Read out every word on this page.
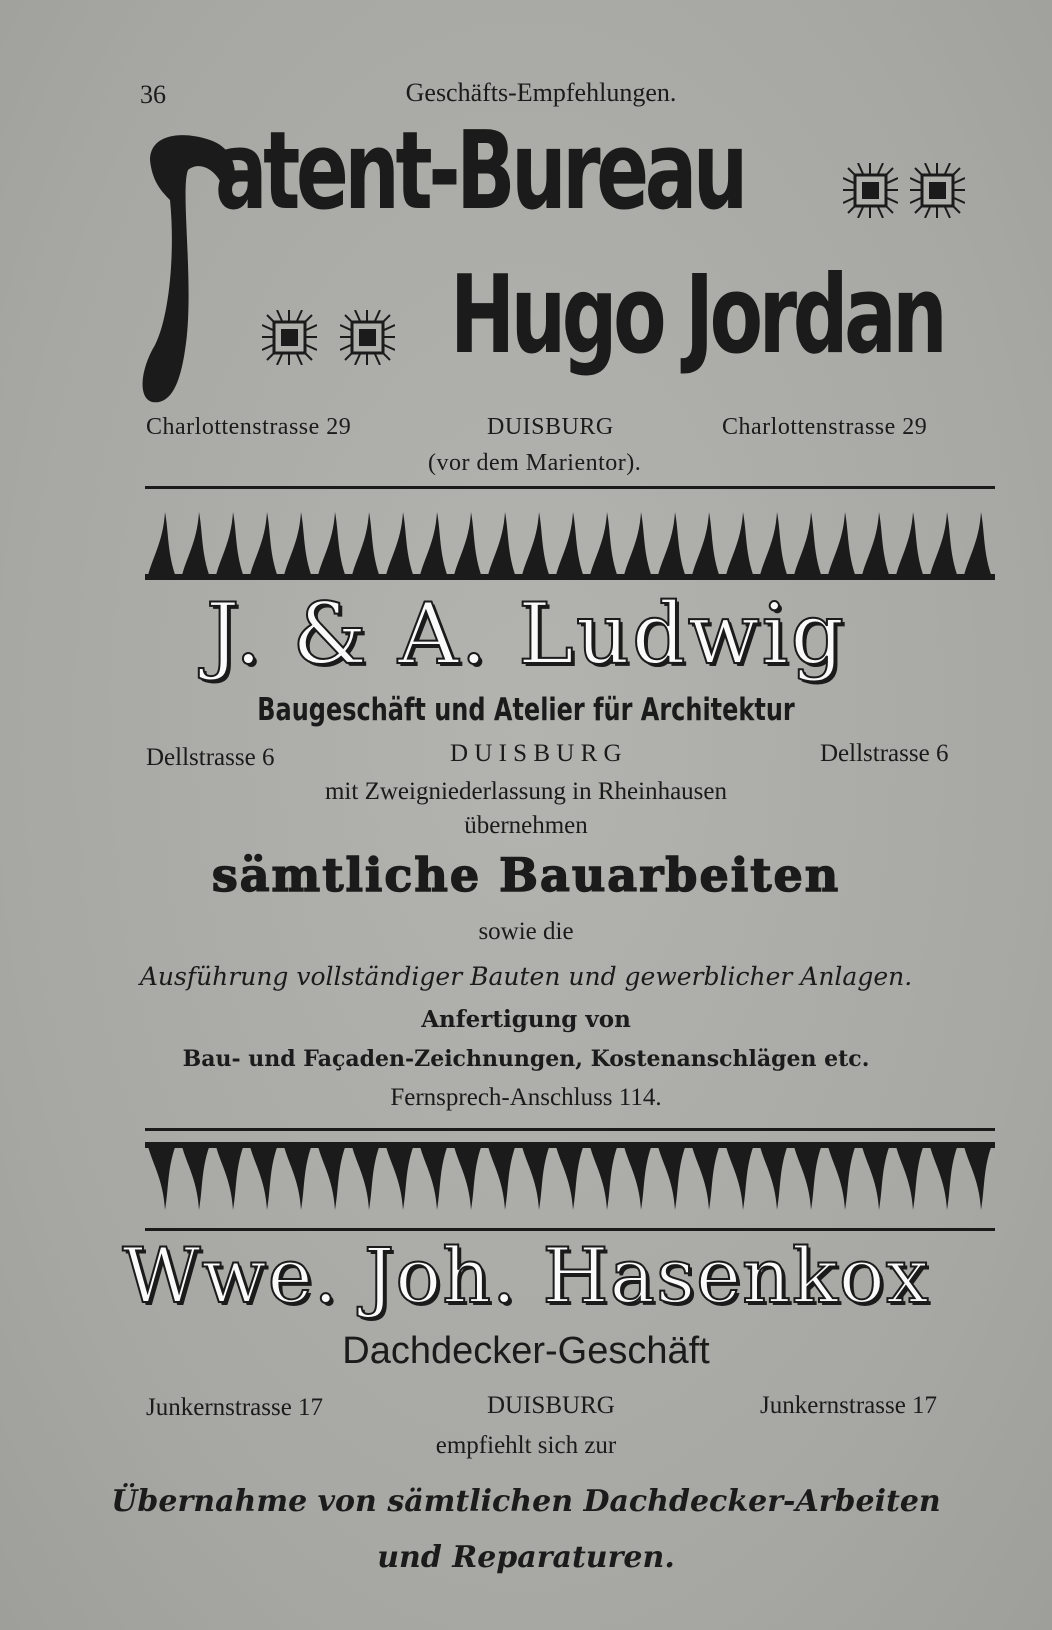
36	Geschäfts-Empfehlungen.
atent-Bureau
Hugo Jordan
Charlottenstrasse 29	DUISBURG	Charlottenstrasse 29
(vor dem Marientor).
J. & A. Ludwig
Baugeschäft und Atelier für Architektur
Dellstrasse 6	D U I S B U R G	Dellstrasse 6
mit Zweigniederlassung in Rheinhausen
übernehmen
sämtliche Bauarbeiten
sowie die
Ausführung vollständiger Bauten und gewerblicher Anlagen.
Anfertigung von
Bau- und Façaden-Zeichnungen, Kostenanschlägen etc.
Fernsprech-Anschluss 114.
Wwe. Joh. Hasenkox
Dachdecker-Geschäft
Junkernstrasse 17	DUISBURG	Junkernstrasse 17
empfiehlt sich zur
Übernahme von sämtlichen Dachdecker-Arbeiten
und Reparaturen.
